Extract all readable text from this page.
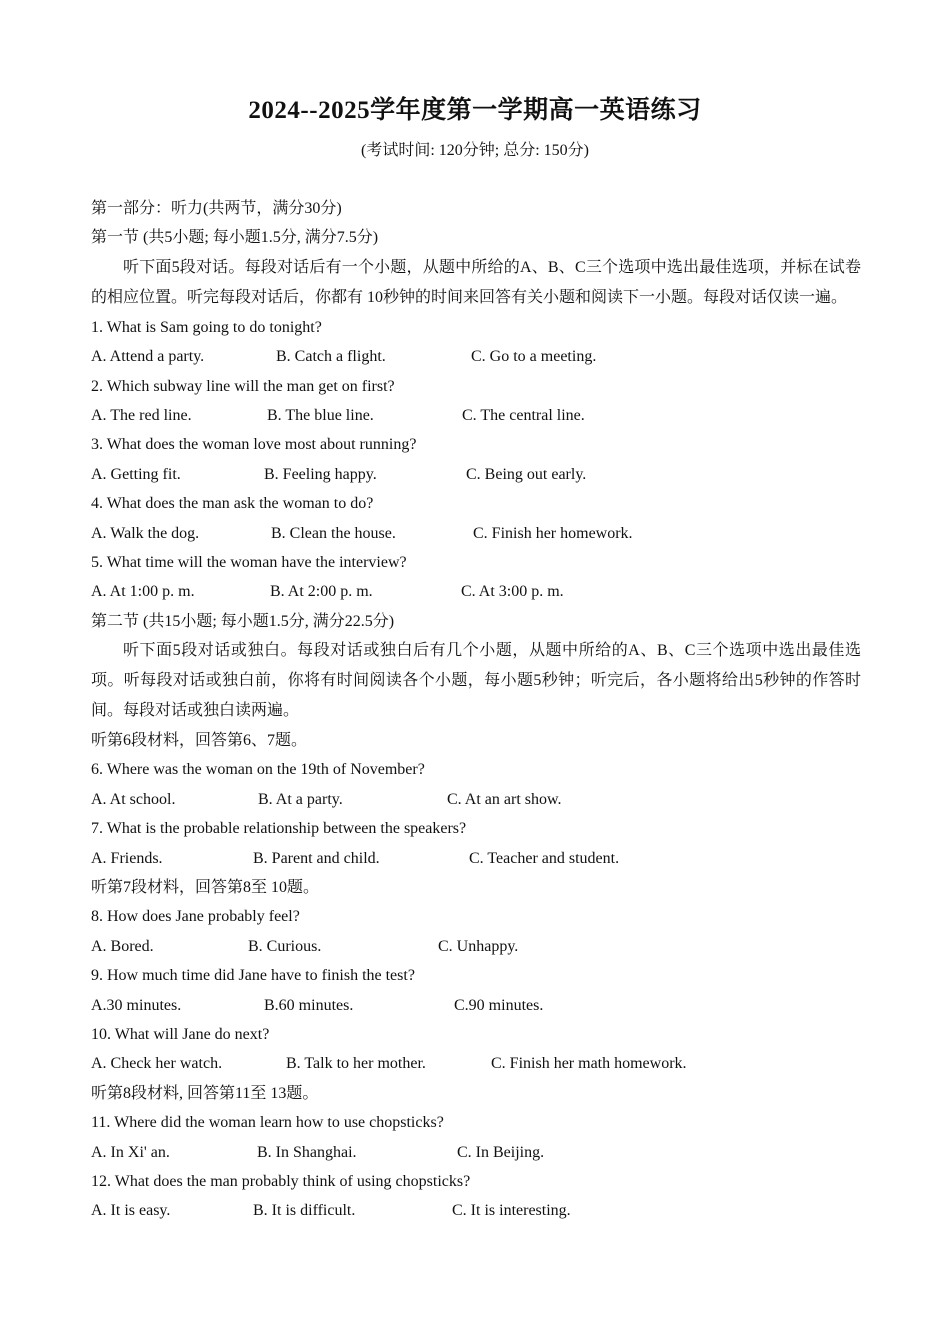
2024--2025学年度第一学期高一英语练习
(考试时间: 120分钟; 总分: 150分)
第一部分：听力(共两节，满分30分)
第一节 (共5小题; 每小题1.5分, 满分7.5分)
听下面5段对话。每段对话后有一个小题，从题中所给的A、B、C三个选项中选出最佳选项，并标在试卷的相应位置。听完每段对话后，你都有 10秒钟的时间来回答有关小题和阅读下一小题。每段对话仅读一遍。
1. What is Sam going to do tonight?
A. Attend a party.	B. Catch a flight.	C. Go to a meeting.
2. Which subway line will the man get on first?
A. The red line.	B. The blue line.	C. The central line.
3. What does the woman love most about running?
A. Getting fit.	B. Feeling happy.	C. Being out early.
4. What does the man ask the woman to do?
A. Walk the dog.	B. Clean the house.	C. Finish her homework.
5. What time will the woman have the interview?
A. At 1:00 p. m.	B. At 2:00 p. m.	C. At 3:00 p. m.
第二节 (共15小题; 每小题1.5分, 满分22.5分)
听下面5段对话或独白。每段对话或独白后有几个小题，从题中所给的A、B、C三个选项中选出最佳选项。听每段对话或独白前，你将有时间阅读各个小题，每小题5秒钟；听完后，各小题将给出5秒钟的作答时间。每段对话或独白读两遍。
听第6段材料，回答第6、7题。
6. Where was the woman on the 19th of November?
A. At school.	B. At a party.	C. At an art show.
7. What is the probable relationship between the speakers?
A. Friends.	B. Parent and child.	C. Teacher and student.
听第7段材料，回答第8至 10题。
8. How does Jane probably feel?
A. Bored.	B. Curious.	C. Unhappy.
9. How much time did Jane have to finish the test?
A.30 minutes.	B.60 minutes.	C.90 minutes.
10. What will Jane do next?
A. Check her watch.	B. Talk to her mother.	C. Finish her math homework.
听第8段材料, 回答第11至 13题。
11. Where did the woman learn how to use chopsticks?
A. In Xi' an.	B. In Shanghai.	C. In Beijing.
12. What does the man probably think of using chopsticks?
A. It is easy.	B. It is difficult.	C. It is interesting.
